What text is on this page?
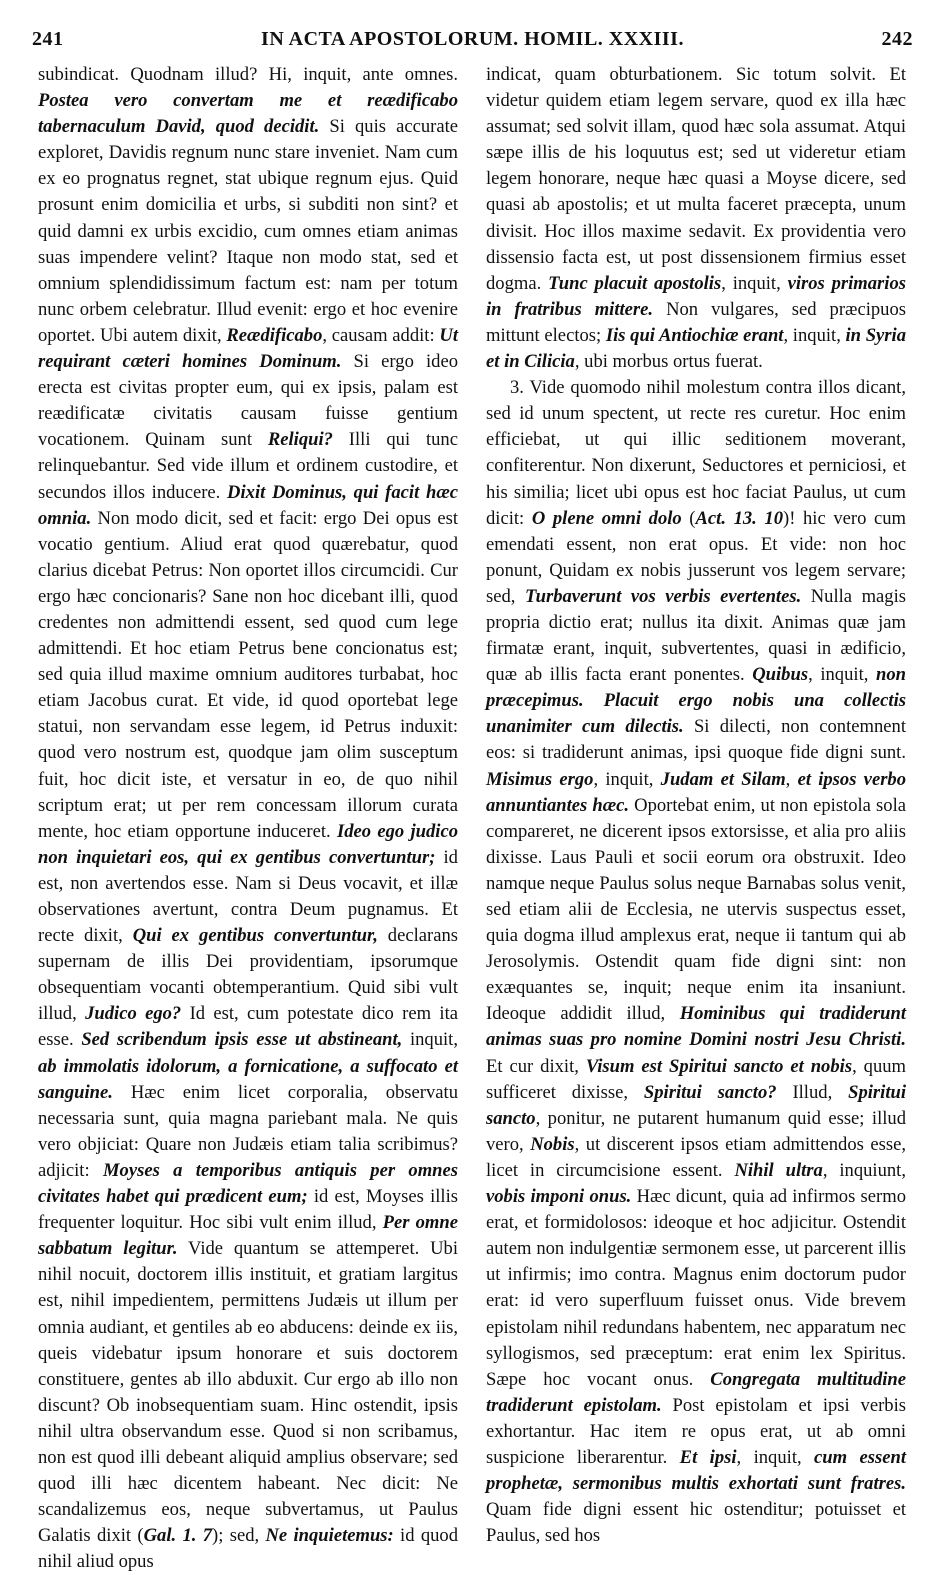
241	IN ACTA APOSTOLORUM. HOMIL. XXXIII.	242

subindicat. Quodnam illud? Hi, inquit, ante omnes. Postea vero convertam me et reædificabo tabernaculum David, quod decidit. Si quis accurate exploret, Davidis regnum nunc stare inveniet. Nam cum ex eo prognatus regnet, stat ubique regnum ejus. Quid prosunt enim domicilia et urbs, si subditi non sint? et quid damni ex urbis excidio, cum omnes etiam animas suas impendere velint? Itaque non modo stat, sed et omnium splendidissimum factum est: nam per totum nunc orbem celebratur. Illud evenit: ergo et hoc evenire oportet. Ubi autem dixit, Reædificabo, causam addit: Ut requirant cæteri homines Dominum. Si ergo ideo erecta est civitas propter eum, qui ex ipsis, palam est reædificatæ civitatis causam fuisse gentium vocationem. Quinam sunt Reliqui? Illi qui tunc relinquebantur. Sed vide illum et ordinem custodire, et secundos illos inducere. Dixit Dominus, qui facit hæc omnia. Non modo dicit, sed et facit: ergo Dei opus est vocatio gentium. Aliud erat quod quærebatur, quod clarius dicebat Petrus: Non oportet illos circumcidi. Cur ergo hæc concionaris? Sane non hoc dicebant illi, quod credentes non admittendi essent, sed quod cum lege admittendi. Et hoc etiam Petrus bene concionatus est; sed quia illud maxime omnium auditores turbabat, hoc etiam Jacobus curat. Et vide, id quod oportebat lege statui, non servandam esse legem, id Petrus induxit: quod vero nostrum est, quodque jam olim susceptum fuit, hoc dicit iste, et versatur in eo, de quo nihil scriptum erat; ut per rem concessam illorum curata mente, hoc etiam opportune induceret. Ideo ego judico non inquietari eos, qui ex gentibus convertuntur; id est, non avertendos esse. Nam si Deus vocavit, et illæ observationes avertunt, contra Deum pugnamus. Et recte dixit, Qui ex gentibus convertuntur, declarans supernam de illis Dei providentiam, ipsorumque obsequentiam vocanti obtemperantium. Quid sibi vult illud, Judico ego? Id est, cum potestate dico rem ita esse. Sed scribendum ipsis esse ut abstineant, inquit, ab immolatis idolorum, a fornicatione, a suffocato et sanguine. Hæc enim licet corporalia, observatu necessaria sunt, quia magna pariebant mala. Ne quis vero objiciat: Quare non Judæis etiam talia scribimus? adjicit: Moyses a temporibus antiquis per omnes civitates habet qui prædicent eum; id est, Moyses illis frequenter loquitur. Hoc sibi vult enim illud, Per omne sabbatum legitur. Vide quantum se attemperet. Ubi nihil nocuit, doctorem illis instituit, et gratiam largitus est, nihil impedientem, permittens Judæis ut illum per omnia audiant, et gentiles ab eo abducens: deinde ex iis, queis videbatur ipsum honorare et suis doctorem constituere, gentes ab illo abduxit. Cur ergo ab illo non discunt? Ob inobsequentiam suam. Hinc ostendit, ipsis nihil ultra observandum esse. Quod si non scribamus, non est quod illi debeant aliquid amplius observare; sed quod illi hæc dicentem habeant. Nec dicit: Ne scandalizemus eos, neque subvertamus, ut Paulus Galatis dixit (Gal. 1. 7); sed, Ne inquietemus: id quod nihil aliud opus

indicat, quam obturbationem. Sic totum solvit. Et videtur quidem etiam legem servare, quod ex illa hæc assumat; sed solvit illam, quod hæc sola assumat. Atqui sæpe illis de his loquutus est; sed ut videretur etiam legem honorare, neque hæc quasi a Moyse dicere, sed quasi ab apostolis; et ut multa faceret præcepta, unum divisit. Hoc illos maxime sedavit. Ex providentia vero dissensio facta est, ut post dissensionem firmius esset dogma. Tunc placuit apostolis, inquit, viros primarios in fratribus mittere. Non vulgares, sed præcipuos mittunt electos; Iis qui Antiochiæ erant, inquit, in Syria et in Cilicia, ubi morbus ortus fuerat.

3. Vide quomodo nihil molestum contra illos dicant, sed id unum spectent, ut recte res curetur. Hoc enim efficiebat, ut qui illic seditionem moverant, confiterentur. Non dixerunt, Seductores et perniciosi, et his similia; licet ubi opus est hoc faciat Paulus, ut cum dicit: O plene omni dolo (Act. 13. 10)! hic vero cum emendati essent, non erat opus. Et vide: non hoc ponunt, Quidam ex nobis jusserunt vos legem servare; sed, Turbaverunt vos verbis evertentes. Nulla magis propria dictio erat; nullus ita dixit. Animas quæ jam firmatæ erant, inquit, subvertentes, quasi in ædificio, quæ ab illis facta erant ponentes. Quibus, inquit, non præcepimus. Placuit ergo nobis una collectis unanimiter cum dilectis. Si dilecti, non contemnent eos: si tradiderunt animas, ipsi quoque fide digni sunt. Misimus ergo, inquit, Judam et Silam, et ipsos verbo annuntiantes hæc. Oportebat enim, ut non epistola sola compareret, ne dicerent ipsos extorsisse, et alia pro aliis dixisse. Laus Pauli et socii eorum ora obstruxit. Ideo namque neque Paulus solus neque Barnabas solus venit, sed etiam alii de Ecclesia, ne utervis suspectus esset, quia dogma illud amplexus erat, neque ii tantum qui ab Jerosolymis. Ostendit quam fide digni sint: non exæquantes se, inquit; neque enim ita insaniunt. Ideoque addidit illud, Hominibus qui tradiderunt animas suas pro nomine Domini nostri Jesu Christi. Et cur dixit, Visum est Spiritui sancto et nobis, quum sufficeret dixisse, Spiritui sancto? Illud, Spiritui sancto, ponitur, ne putarent humanum quid esse; illud vero, Nobis, ut discerent ipsos etiam admittendos esse, licet in circumcisione essent. Nihil ultra, inquiunt, vobis imponi onus. Hæc dicunt, quia ad infirmos sermo erat, et formidolosos: ideoque et hoc adjicitur. Ostendit autem non indulgentiæ sermonem esse, ut parcerent illis ut infirmis; imo contra. Magnus enim doctorum pudor erat: id vero superfluum fuisset onus. Vide brevem epistolam nihil redundans habentem, nec apparatum nec syllogismos, sed præceptum: erat enim lex Spiritus. Sæpe hoc vocant onus. Congregata multitudine tradiderunt epistolam. Post epistolam et ipsi verbis exhortantur. Hac item re opus erat, ut ab omni suspicione liberarentur. Et ipsi, inquit, cum essent prophetæ, sermonibus multis exhortati sunt fratres. Quam fide digni essent hic ostenditur; potuisset et Paulus, sed hos
